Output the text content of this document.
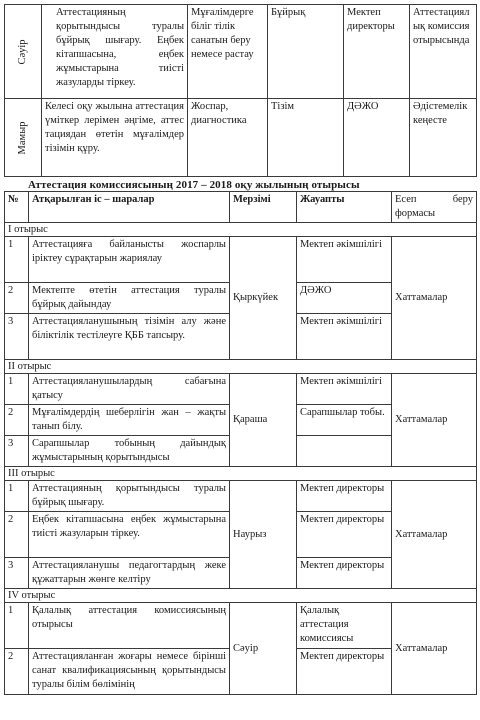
Сәуір	Аттестацияның қорытындысы туралы бұйрық шығару. Еңбек кітапшасына, еңбек жұмыстарына тиісті жазуларды тіркеу.	Мұғалімдерге біліг тілік санатын беру немесе растау	Бұйрық	Мектеп директоры	Аттестациялық комиссия отырысында

Мамыр	Келесі оқу жылына аттестация үміткер лерімен әңгіме, аттес тациядан өтетін мұғалімдер тізімін құру.	Жоспар, диагностика	Тізім	ДӘЖО	Әдістемелік кеңесте
Аттестация комиссиясының 2017 – 2018 оқу жылының отырысы
№	Атқарылған іс – шаралар	Мерзімі	Жауапты	Есеп беру формасы
I отырыс				
1	Аттестацияға байланысты жоспарлы іріктеу сұрақтарын жариялау	Қыркүйек	Мектеп әкімшілігі	Хаттамалар
2	Мектепте өтетін аттестация туралы бұйрық дайындау		ДӘЖО	
3	Аттестацияланушының тізімін алу және біліктілік тестілеуге ҚББ тапсыру.		Мектеп әкімшілігі	
II отырыс				
1	Аттестацияланушылардың сабағына қатысу	Қараша	Мектеп әкімшілігі	Хаттамалар
2	Мұғалімдердің шеберлігін жан – жақты танып білу.		Сарапшылар тобы.	
3	Сарапшылар тобының дайындық жұмыстарының қорытындысы			
III отырыс				
1	Аттестацияның қорытындысы туралы бұйрық шығару.	Наурыз	Мектеп директоры	Хаттамалар
2	Еңбек кітапшасына еңбек жұмыстарына тиісті жазуларын тіркеу.		Мектеп директоры	
3	Аттестацияланушы педагогтардың жеке құжаттарын жөнге келтіру		Мектеп директоры	
IV отырыс				
1	Қалалық аттестация комиссиясының отырысы	Сәуір	Қалалық аттестация комиссиясы	Хаттамалар
2	Аттестацияланған жоғары немесе бірінші санат квалификациясының қорытындысы туралы білім бөлімінің		Мектеп директоры	
